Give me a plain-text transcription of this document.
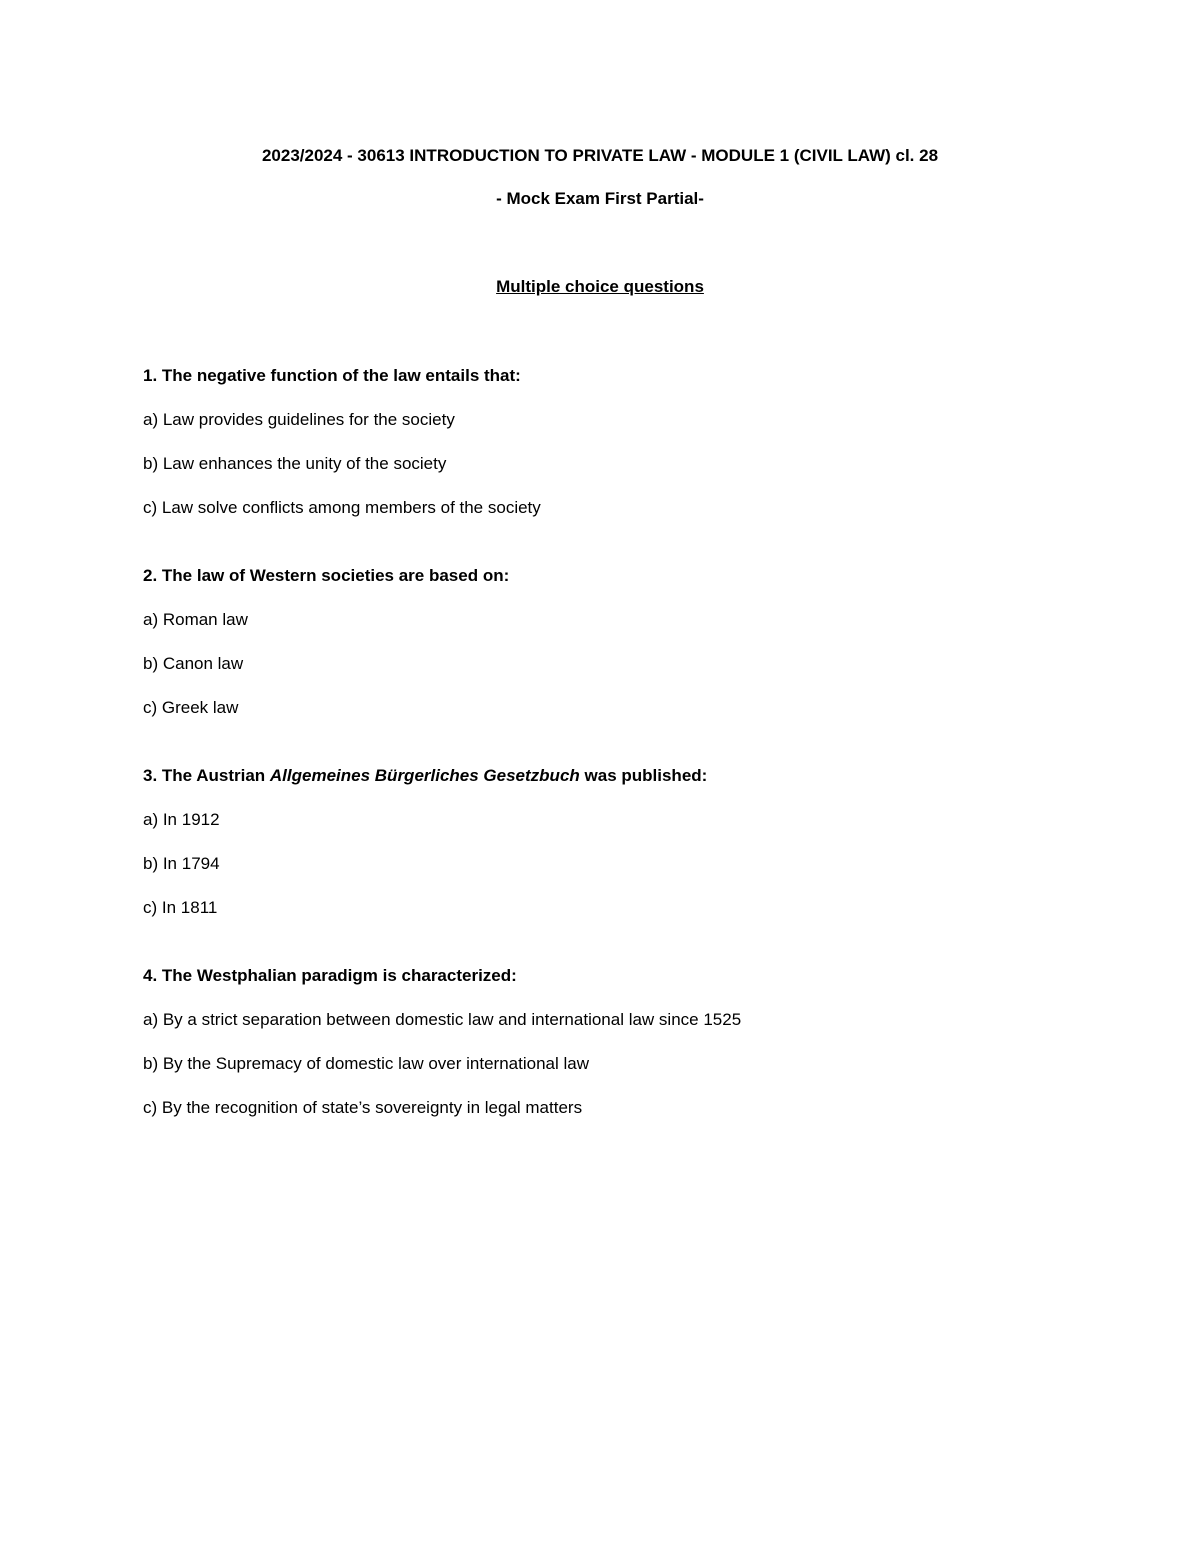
2023/2024 - 30613 INTRODUCTION TO PRIVATE LAW - MODULE 1 (CIVIL LAW) cl. 28
- Mock Exam First Partial-
Multiple choice questions
1. The negative function of the law entails that:
a) Law provides guidelines for the society
b) Law enhances the unity of the society
c) Law solve conflicts among members of the society
2. The law of Western societies are based on:
a) Roman law
b) Canon law
c) Greek law
3. The Austrian Allgemeines Bürgerliches Gesetzbuch was published:
a) In 1912
b) In 1794
c) In 1811
4. The Westphalian paradigm is characterized:
a) By a strict separation between domestic law and international law since 1525
b) By the Supremacy of domestic law over international law
c) By the recognition of state’s sovereignty in legal matters
